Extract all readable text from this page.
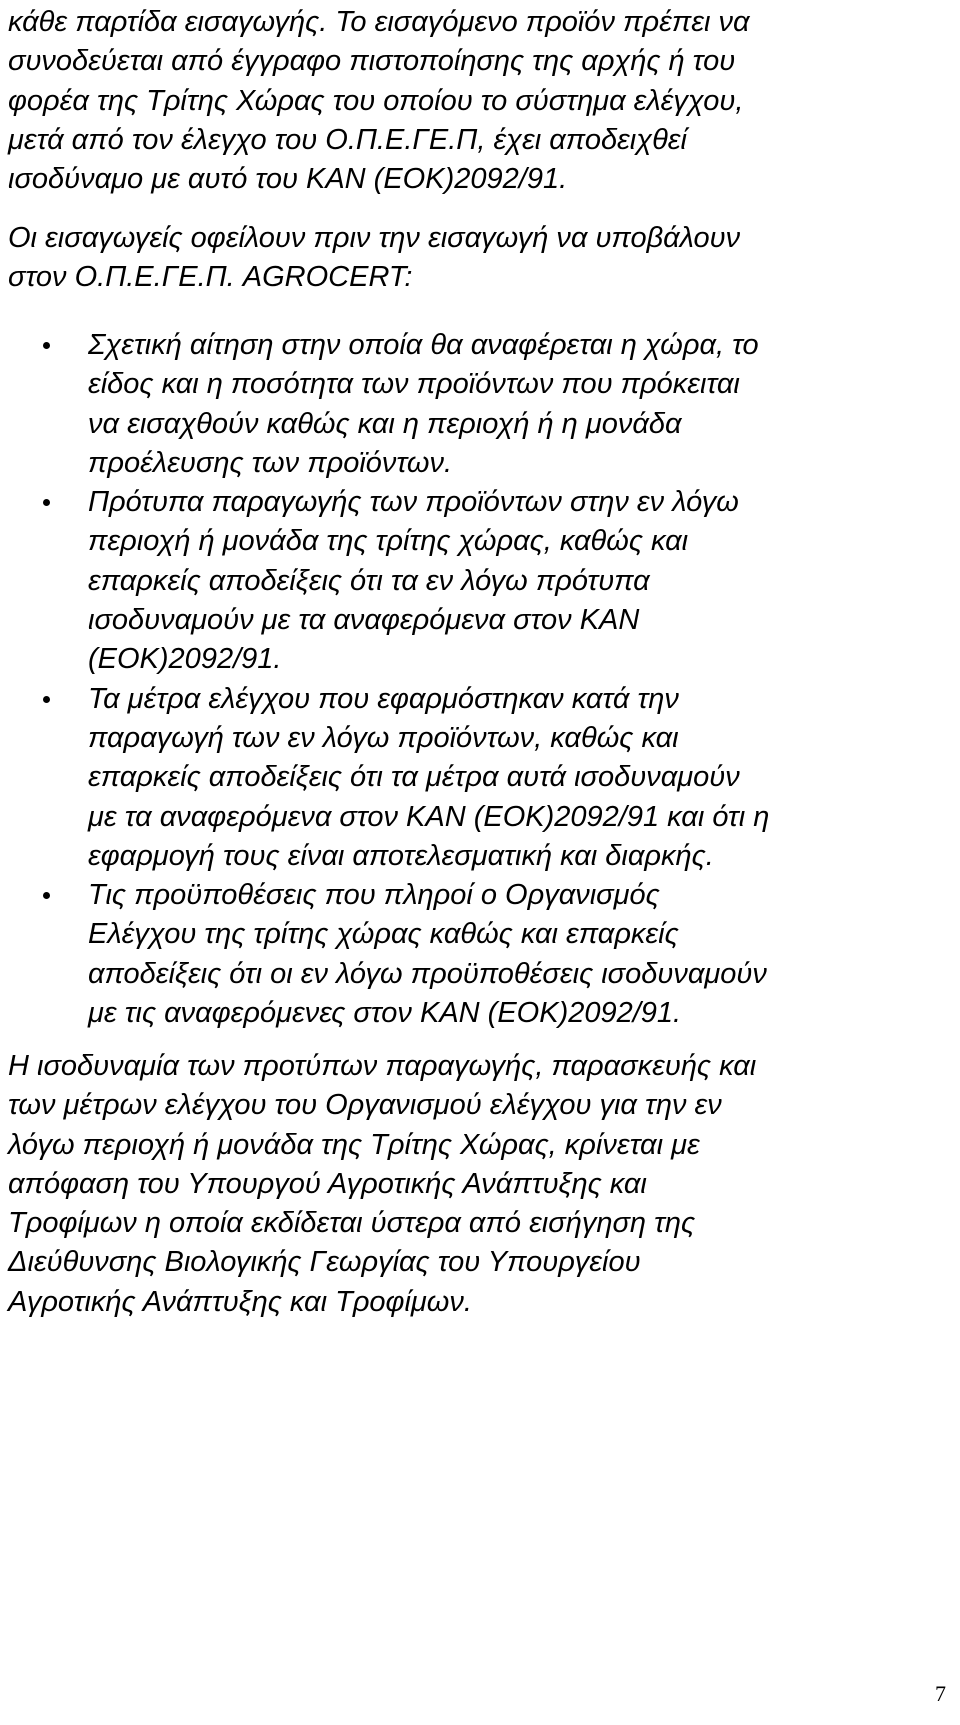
κάθε παρτίδα εισαγωγής. Το εισαγόμενο προϊόν πρέπει να
συνοδεύεται από έγγραφο πιστοποίησης της αρχής ή του
φορέα της Τρίτης Χώρας του οποίου το σύστημα ελέγχου,
μετά από τον έλεγχο του Ο.Π.Ε.ΓΕ.Π, έχει αποδειχθεί
ισοδύναμο με αυτό του ΚΑΝ (ΕΟΚ)2092/91.
Οι εισαγωγείς οφείλουν πριν την εισαγωγή να υποβάλουν
στον Ο.Π.Ε.ΓΕ.Π. AGROCERT:
Σχετική αίτηση στην οποία θα αναφέρεται η χώρα, το
είδος και η ποσότητα των προϊόντων που πρόκειται
να εισαχθούν καθώς και η περιοχή ή η μονάδα
προέλευσης των προϊόντων.
Πρότυπα παραγωγής των προϊόντων στην εν λόγω
περιοχή ή μονάδα της τρίτης χώρας, καθώς και
επαρκείς αποδείξεις ότι τα εν λόγω πρότυπα
ισοδυναμούν με τα αναφερόμενα στον ΚΑΝ
(ΕΟΚ)2092/91.
Τα μέτρα ελέγχου που εφαρμόστηκαν κατά την
παραγωγή των εν λόγω προϊόντων, καθώς και
επαρκείς αποδείξεις ότι τα μέτρα αυτά ισοδυναμούν
με τα αναφερόμενα στον ΚΑΝ (ΕΟΚ)2092/91 και ότι η
εφαρμογή τους είναι αποτελεσματική και διαρκής.
Τις προϋποθέσεις που πληροί ο Οργανισμός
Ελέγχου της τρίτης χώρας καθώς και επαρκείς
αποδείξεις ότι οι εν λόγω προϋποθέσεις ισοδυναμούν
με τις αναφερόμενες στον ΚΑΝ (ΕΟΚ)2092/91.
Η ισοδυναμία των προτύπων παραγωγής, παρασκευής και
των μέτρων ελέγχου του Οργανισμού ελέγχου για την εν
λόγω περιοχή ή μονάδα της Τρίτης Χώρας, κρίνεται με
απόφαση του Υπουργού Αγροτικής Ανάπτυξης και
Τροφίμων η οποία εκδίδεται ύστερα από εισήγηση της
Διεύθυνσης Βιολογικής Γεωργίας του Υπουργείου
Αγροτικής Ανάπτυξης και Τροφίμων.
7
